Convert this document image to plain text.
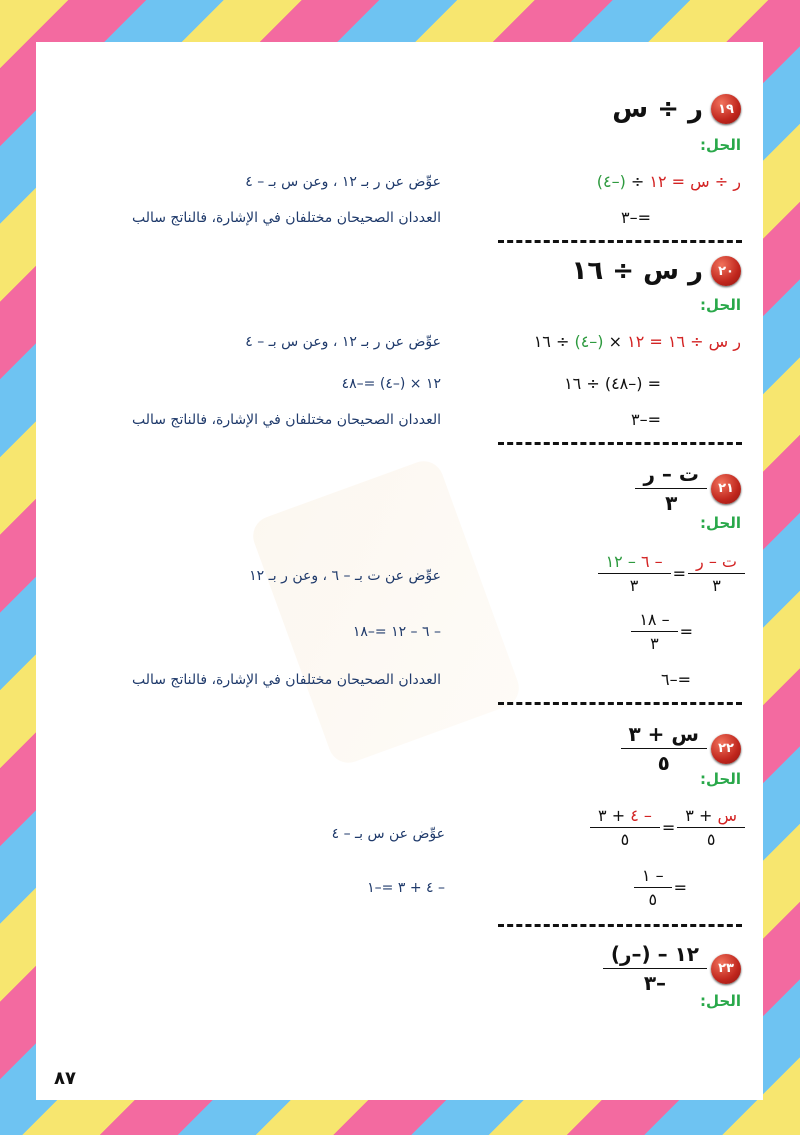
١٩
ر ÷ س
الحل:
ر ÷ س = ١٢ ÷ (–٤)
عوِّض عن ر بـ ١٢ ، وعن س بـ – ٤
=–٣
العددان الصحيحان مختلفان في الإشارة، فالناتج سالب
٢٠
ر س ÷ ١٦
الحل:
ر س ÷ ١٦ = ١٢ × (–٤) ÷ ١٦
عوِّض عن ر بـ ١٢ ، وعن س بـ – ٤
= (–٤٨) ÷ ١٦
١٢ × (–٤) =–٤٨
=–٣
العددان الصحيحان مختلفان في الإشارة، فالناتج سالب
٢١
$\frac{\text{ت – ر}}{٣}$
الحل:
$\frac{\text{ت – ر}}{٣}$
=
$\frac{- ٦ - ١٢}{٣}$
عوِّض عن ت بـ – ٦ ، وعن ر بـ ١٢
=
$\frac{- ١٨}{٣}$
– ٦ – ١٢ =–١٨
=–٦
العددان الصحيحان مختلفان في الإشارة، فالناتج سالب
٢٢
$\frac{\text{س + ٣}}{٥}$
الحل:
$\frac{\text{س + ٣}}{٥}$
=
$\frac{- ٤ + ٣}{٥}$
عوِّض عن س بـ – ٤
=
$\frac{- ١}{٥}$
– ٤ + ٣ =–١
٢٣
$\frac{\text{١٢ – (–ر)}}{-٣}$
الحل:
٨٧
